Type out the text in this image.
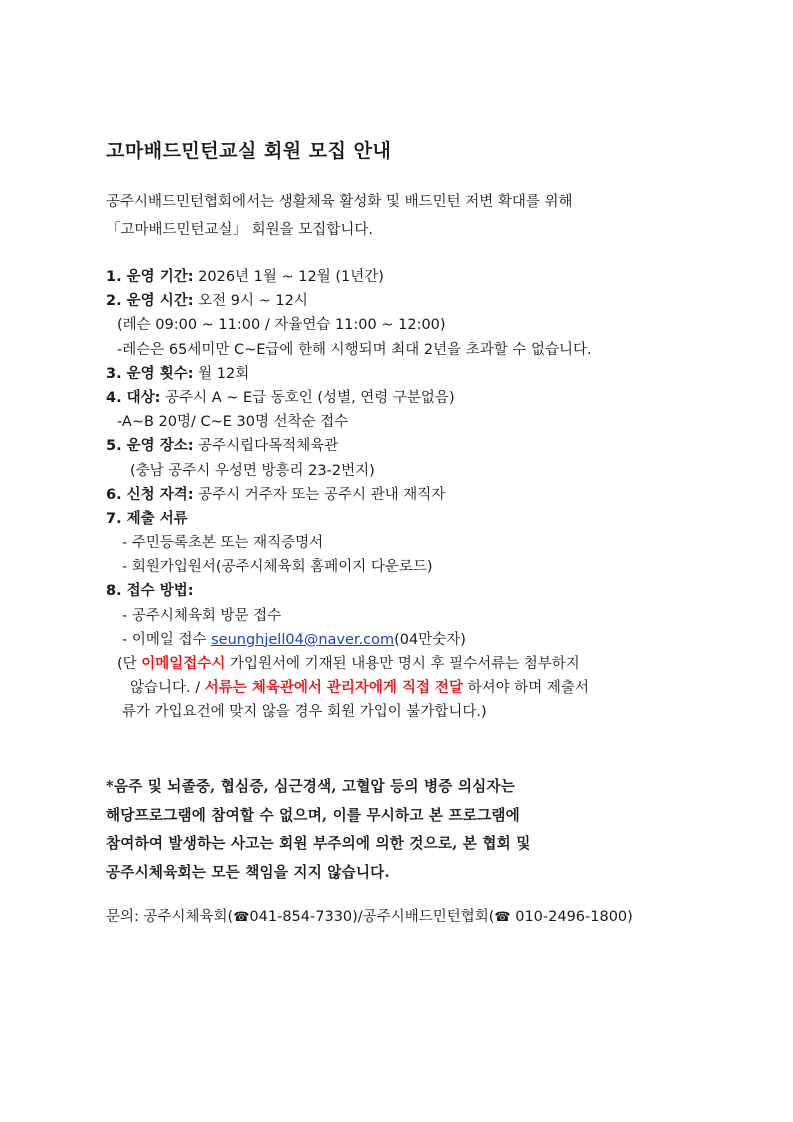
고마배드민턴교실 회원 모집 안내
공주시배드민턴협회에서는 생활체육 활성화 및 배드민턴 저변 확대를 위해
「고마배드민턴교실」 회원을 모집합니다.
1. 운영 기간: 2026년 1월 ~ 12월 (1년간)
2. 운영 시간: 오전 9시 ~ 12시
(레슨 09:00 ~ 11:00 / 자율연습 11:00 ~ 12:00)
-레슨은 65세미만 C~E급에 한해 시행되며 최대 2년을 초과할 수 없습니다.
3. 운영 횟수: 월 12회
4. 대상: 공주시 A ~ E급 동호인 (성별, 연령 구분없음)
-A~B 20명/ C~E 30명 선착순 접수
5. 운영 장소: 공주시립다목적체육관
(충남 공주시 우성면 방흥리 23-2번지)
6. 신청 자격: 공주시 거주자 또는 공주시 관내 재직자
7. 제출 서류
- 주민등록초본 또는 재직증명서
- 회원가입원서(공주시체육회 홈페이지 다운로드)
8. 접수 방법:
- 공주시체육회 방문 접수
- 이메일 접수 seunghjell04@naver.com(04만숫자)
(단 이메일접수시 가입원서에 기재된 내용만 명시 후 필수서류는 첨부하지
않습니다. / 서류는 체육관에서 관리자에게 직접 전달 하셔야 하며 제출서
류가 가입요건에 맞지 않을 경우 회원 가입이 불가합니다.)
*음주 및 뇌졸중, 협심증, 심근경색, 고혈압 등의 병증 의심자는
해당프로그램에 참여할 수 없으며, 이를 무시하고 본 프로그램에
참여하여 발생하는 사고는 회원 부주의에 의한 것으로, 본 협회 및
공주시체육회는 모든 책임을 지지 않습니다.
문의: 공주시체육회(☎041-854-7330)/공주시배드민턴협회(☎ 010-2496-1800)
